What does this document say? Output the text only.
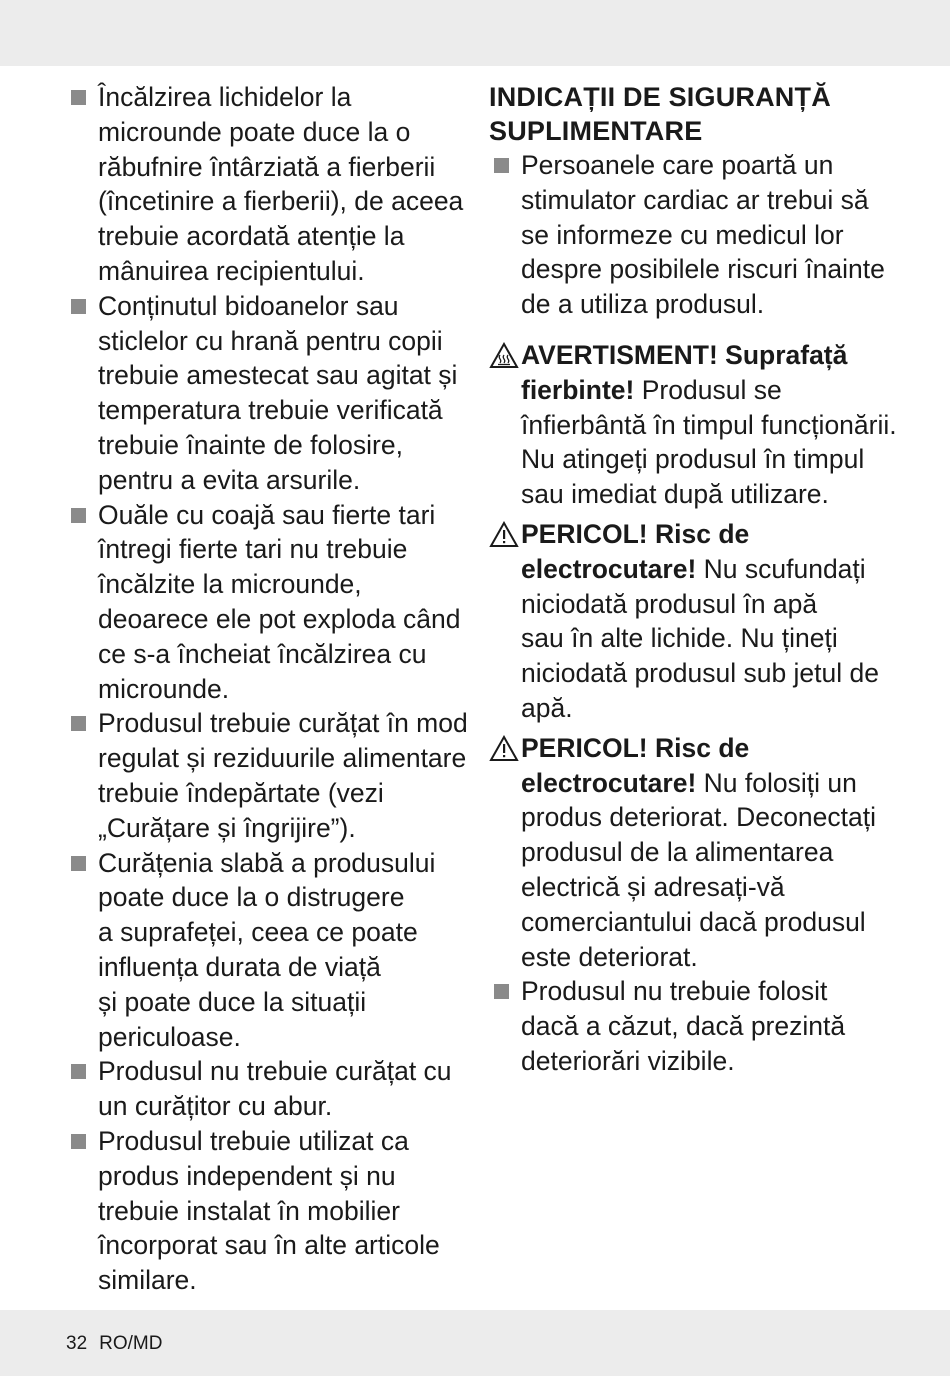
Încălzirea lichidelor la
microunde poate duce la o
răbufnire întârziată a fierberii
(încetinire a fierberii), de aceea
trebuie acordată atenție la
mânuirea recipientului.
Conținutul bidoanelor sau
sticlelor cu hrană pentru copii
trebuie amestecat sau agitat și
temperatura trebuie verificată
trebuie înainte de folosire,
pentru a evita arsurile.
Ouăle cu coajă sau fierte tari
întregi fierte tari nu trebuie
încălzite la microunde,
deoarece ele pot exploda când
ce s-a încheiat încălzirea cu
microunde.
Produsul trebuie curățat în mod
regulat și reziduurile alimentare
trebuie îndepărtate (vezi
„Curățare și îngrijire”).
Curățenia slabă a produsului
poate duce la o distrugere
a suprafeței, ceea ce poate
influența durata de viață
și poate duce la situații
periculoase.
Produsul nu trebuie curățat cu
un curățitor cu abur.
Produsul trebuie utilizat ca
produs independent și nu
trebuie instalat în mobilier
încorporat sau în alte articole
similare.
INDICAȚII DE SIGURANȚĂ
SUPLIMENTARE
Persoanele care poartă un
stimulator cardiac ar trebui să
se informeze cu medicul lor
despre posibilele riscuri înainte
de a utiliza produsul.
AVERTISMENT! Suprafață
fierbinte! Produsul se
înfierbântă în timpul funcționării.
Nu atingeți produsul în timpul
sau imediat după utilizare.
PERICOL! Risc de
electrocutare! Nu scufundați
niciodată produsul în apă
sau în alte lichide. Nu țineți
niciodată produsul sub jetul de
apă.
PERICOL! Risc de
electrocutare! Nu folosiți un
produs deteriorat. Deconectați
produsul de la alimentarea
electrică și adresați-vă
comerciantului dacă produsul
este deteriorat.
Produsul nu trebuie folosit
dacă a căzut, dacă prezintă
deteriorări vizibile.
32 RO/MD
